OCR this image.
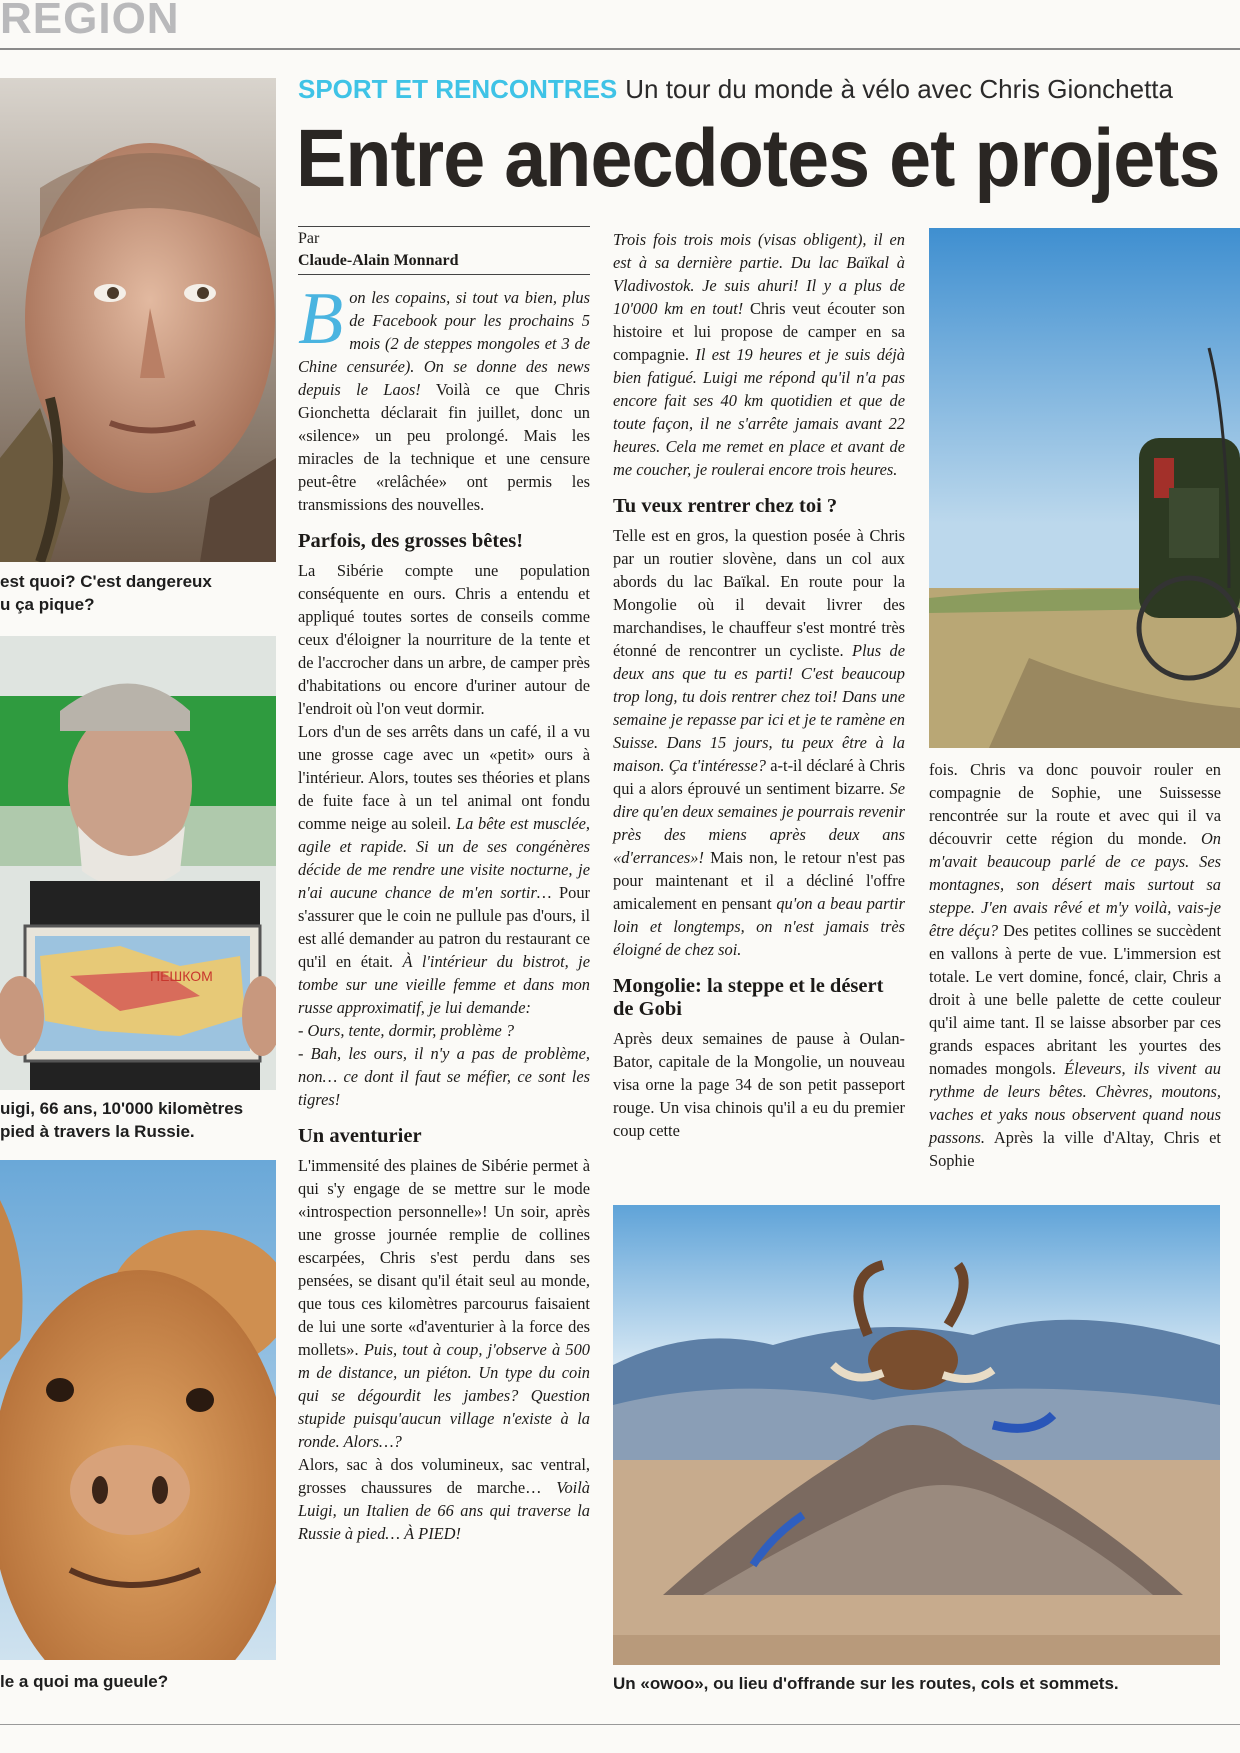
REGION
SPORT ET RENCONTRES Un tour du monde à vélo avec Chris Gionchetta
Entre anecdotes et projets
est quoi? C'est dangereux
u ça pique?
ПЕШКОМ
uigi, 66 ans, 10'000 kilomètres
pied à travers la Russie.
le a quoi ma gueule?	Un «owoo», ou lieu d'offrande sur les routes, cols et sommets.
Par
Claude-Alain Monnard

Bon les copains, si tout va bien, plus de Facebook pour les prochains 5 mois (2 de steppes mongoles et 3 de Chine censurée). On se donne des news depuis le Laos! Voilà ce que Chris Gionchetta déclarait fin juillet, donc un «silence» un peu prolongé. Mais les miracles de la technique et une censure peut-être «relâchée» ont permis les transmissions des nouvelles.

Parfois, des grosses bêtes!

La Sibérie compte une population conséquente en ours. Chris a entendu et appliqué toutes sortes de conseils comme ceux d'éloigner la nourriture de la tente et de l'accrocher dans un arbre, de camper près d'habitations ou encore d'uriner autour de l'endroit où l'on veut dormir.

Lors d'un de ses arrêts dans un café, il a vu une grosse cage avec un «petit» ours à l'intérieur. Alors, toutes ses théories et plans de fuite face à un tel animal ont fondu comme neige au soleil. La bête est musclée, agile et rapide. Si un de ses congénères décide de me rendre une visite nocturne, je n'ai aucune chance de m'en sortir… Pour s'assurer que le coin ne pullule pas d'ours, il est allé demander au patron du restaurant ce qu'il en était. À l'intérieur du bistrot, je tombe sur une vieille femme et dans mon russe approximatif, je lui demande:

- Ours, tente, dormir, problème ?

- Bah, les ours, il n'y a pas de problème, non… ce dont il faut se méfier, ce sont les tigres!

Un aventurier

L'immensité des plaines de Sibérie permet à qui s'y engage de se mettre sur le mode «introspection personnelle»! Un soir, après une grosse journée remplie de collines escarpées, Chris s'est perdu dans ses pensées, se disant qu'il était seul au monde, que tous ces kilomètres parcourus faisaient de lui une sorte «d'aventurier à la force des mollets». Puis, tout à coup, j'observe à 500 m de distance, un piéton. Un type du coin qui se dégourdit les jambes? Question stupide puisqu'aucun village n'existe à la ronde. Alors…?

Alors, sac à dos volumineux, sac ventral, grosses chaussures de marche… Voilà Luigi, un Italien de 66 ans qui traverse la Russie à pied… À PIED!

Trois fois trois mois (visas obligent), il en est à sa dernière partie. Du lac Baïkal à Vladivostok. Je suis ahuri! Il y a plus de 10'000 km en tout! Chris veut écouter son histoire et lui propose de camper en sa compagnie. Il est 19 heures et je suis déjà bien fatigué. Luigi me répond qu'il n'a pas encore fait ses 40 km quotidien et que de toute façon, il ne s'arrête jamais avant 22 heures. Cela me remet en place et avant de me coucher, je roulerai encore trois heures.

Tu veux rentrer chez toi ?

Telle est en gros, la question posée à Chris par un routier slovène, dans un col aux abords du lac Baïkal. En route pour la Mongolie où il devait livrer des marchandises, le chauffeur s'est montré très étonné de rencontrer un cycliste. Plus de deux ans que tu es parti! C'est beaucoup trop long, tu dois rentrer chez toi! Dans une semaine je repasse par ici et je te ramène en Suisse. Dans 15 jours, tu peux être à la maison. Ça t'intéresse? a-t-il déclaré à Chris qui a alors éprouvé un sentiment bizarre. Se dire qu'en deux semaines je pourrais revenir près des miens après deux ans «d'errances»! Mais non, le retour n'est pas pour maintenant et il a décliné l'offre amicalement en pensant qu'on a beau partir loin et longtemps, on n'est jamais très éloigné de chez soi.

Mongolie: la steppe et le désert de Gobi

Après deux semaines de pause à Oulan-Bator, capitale de la Mongolie, un nouveau visa orne la page 34 de son petit passeport rouge. Un visa chinois qu'il a eu du premier coup cette

fois. Chris va donc pouvoir rouler en compagnie de Sophie, une Suissesse rencontrée sur la route et avec qui il va découvrir cette région du monde. On m'avait beaucoup parlé de ce pays. Ses montagnes, son désert mais surtout sa steppe. J'en avais rêvé et m'y voilà, vais-je être déçu? Des petites collines se succèdent en vallons à perte de vue. L'immersion est totale. Le vert domine, foncé, clair, Chris a droit à une belle palette de cette couleur qu'il aime tant. Il se laisse absorber par ces grands espaces abritant les yourtes des nomades mongols. Éleveurs, ils vivent au rythme de leurs bêtes. Chèvres, moutons, vaches et yaks nous observent quand nous passons. Après la ville d'Altay, Chris et Sophie
